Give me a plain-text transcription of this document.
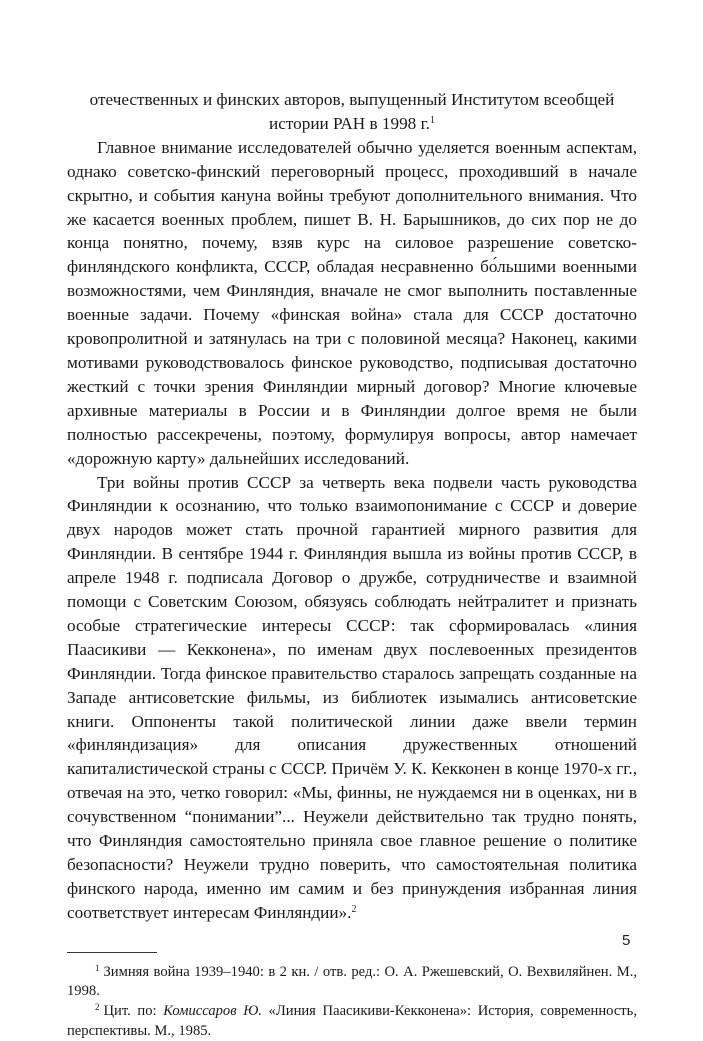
отечественных и финских авторов, выпущенный Институтом всеобщей истории РАН в 1998 г.$^1$

Главное внимание исследователей обычно уделяется военным аспектам, однако советско-финский переговорный процесс, проходивший в начале скрытно, и события кануна войны требуют дополнительного внимания. Что же касается военных проблем, пишет В. Н. Барышников, до сих пор не до конца понятно, почему, взяв курс на силовое разрешение советско-финляндского конфликта, СССР, обладая несравненно бо́льшими военными возможностями, чем Финляндия, вначале не смог выполнить поставленные военные задачи. Почему «финская война» стала для СССР достаточно кровопролитной и затянулась на три с половиной месяца? Наконец, какими мотивами руководствовалось финское руководство, подписывая достаточно жесткий с точки зрения Финляндии мирный договор? Многие ключевые архивные материалы в России и в Финляндии долгое время не были полностью рассекречены, поэтому, формулируя вопросы, автор намечает «дорожную карту» дальнейших исследований.

Три войны против СССР за четверть века подвели часть руководства Финляндии к осознанию, что только взаимопонимание с СССР и доверие двух народов может стать прочной гарантией мирного развития для Финляндии. В сентябре 1944 г. Финляндия вышла из войны против СССР, в апреле 1948 г. подписала Договор о дружбе, сотрудничестве и взаимной помощи с Советским Союзом, обязуясь соблюдать нейтралитет и признать особые стратегические интересы СССР: так сформировалась «линия Паасикиви — Кекконена», по именам двух послевоенных президентов Финляндии. Тогда финское правительство старалось запрещать созданные на Западе антисоветские фильмы, из библиотек изымались антисоветские книги. Оппоненты такой политической линии даже ввели термин «финляндизация» для описания дружественных отношений капиталистической страны с СССР. Причём У. К. Кекконен в конце 1970-х гг., отвечая на это, четко говорил: «Мы, финны, не нуждаемся ни в оценках, ни в сочувственном “понимании”... Неужели действительно так трудно понять, что Финляндия самостоятельно приняла свое главное решение о политике безопасности? Неужели трудно поверить, что самостоятельная политика финского народа, именно им самим и без принуждения избранная линия соответствует интересам Финляндии».$^2$

$^1$ Зимняя война 1939–1940: в 2 кн. / отв. ред.: О. А. Ржешевский, О. Вехвиляйнен. М., 1998.

$^2$ Цит. по: Комиссаров Ю. «Линия Паасикиви-Кекконена»: История, современность, перспективы. М., 1985.

5
